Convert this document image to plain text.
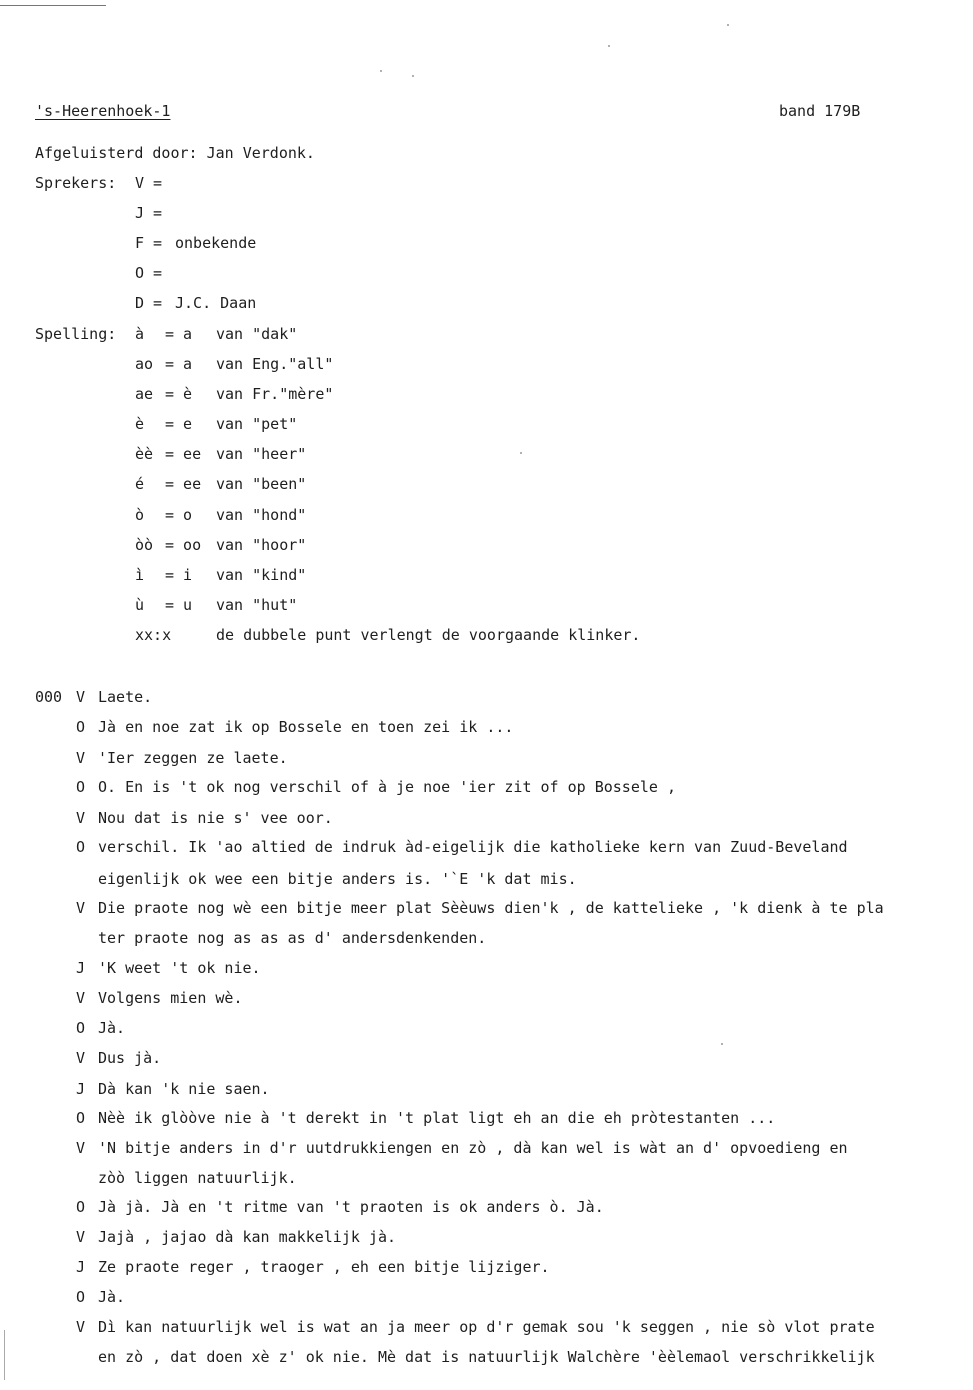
's-Heerenhoek-1	band 179B
Afgeluisterd door: Jan Verdonk.
Sprekers: V =
J =
F = onbekende
O =
D = J.C. Daan
Spelling: à = a van "dak"
ao = a van Eng."all"
ae = è van Fr."mère"
è = e van "pet"
èè = ee van "heer"
é = ee van "been"
ò = o van "hond"
òò = oo van "hoor"
ì = i van "kind"
ù = u van "hut"
xx:x	de dubbele punt verlengt de voorgaande klinker.
000 V Laete.
O Jà en noe zat ik op Bossele en toen zei ik ...
V 'Ier zeggen ze laete.
O O. En is 't ok nog verschil of à je noe 'ier zit of op Bossele ,
V Nou dat is nie s' vee oor.
O verschil. Ik 'ao altied de indruk àd-eigelijk die katholieke kern van Zuud-Beveland
eigenlijk ok wee een bitje anders is. '`E 'k dat mis.
V Die praote nog wè een bitje meer plat Sèèuws dien'k , de kattelieke , 'k dienk à te pla
ter praote nog as as as d' andersdenkenden.
J 'K weet 't ok nie.
V Volgens mien wè.
O Jà.
V Dus jà.
J Dà kan 'k nie saen.
O Nèè ik glòòve nie à 't derekt in 't plat ligt eh an die eh pròtestanten ...
V 'N bitje anders in d'r uutdrukkiengen en zò , dà kan wel is wàt an d' opvoedieng en
zòò liggen natuurlijk.
O Jà jà. Jà en 't ritme van 't praoten is ok anders ò. Jà.
V Jajà , jajao dà kan makkelijk jà.
J Ze praote reger , traoger , eh een bitje lijziger.
O Jà.
V Dì kan natuurlijk wel is wat an ja meer op d'r gemak sou 'k seggen , nie sò vlot prate
en zò , dat doen xè z' ok nie. Mè dat is natuurlijk Walchère 'èèlemaol verschrikkelijk
